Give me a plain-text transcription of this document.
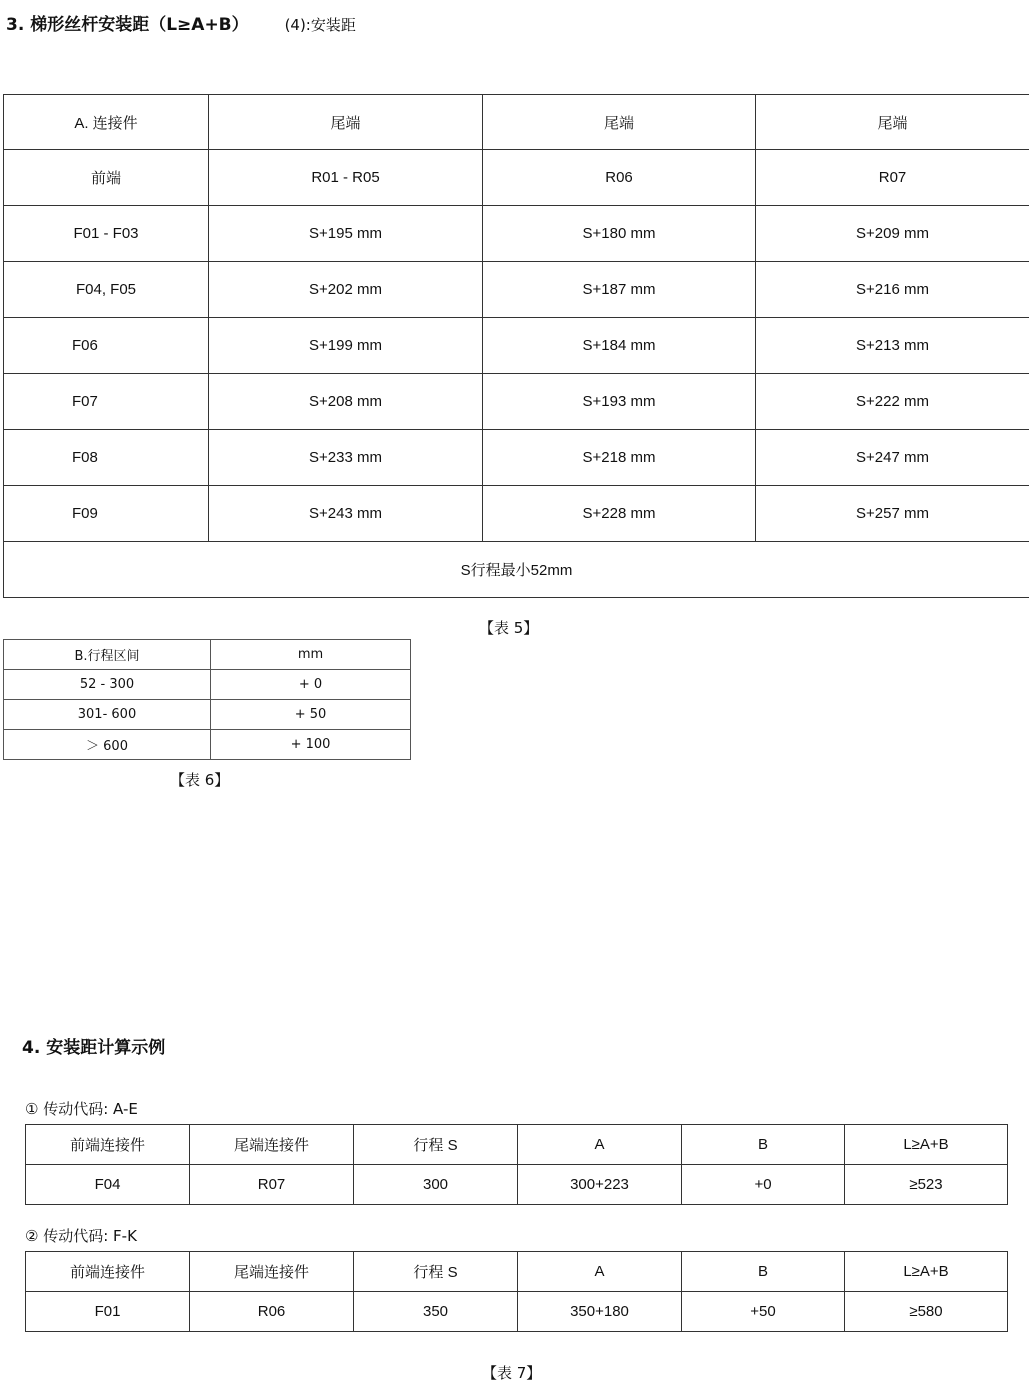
3. 梯形丝杆安装距（L≥A+B） (4):安装距
A. 连接件	尾端	尾端	尾端
前端	R01 - R05	R06	R07
F01 - F03	S+195 mm	S+180 mm	S+209 mm
F04, F05	S+202 mm	S+187 mm	S+216 mm
F06	S+199 mm	S+184 mm	S+213 mm
F07	S+208 mm	S+193 mm	S+222 mm
F08	S+233 mm	S+218 mm	S+247 mm
F09	S+243 mm	S+228 mm	S+257 mm
S行程最小52mm			
【表 5】
B.行程区间	mm
52 - 300	+ 0
301- 600	+ 50
＞ 600	+ 100
【表 6】
4. 安装距计算示例
① 传动代码: A-E
前端连接件	尾端连接件	行程 S	A	B	L≥A+B
F04	R07	300	300+223	+0	≥523
② 传动代码: F-K
前端连接件	尾端连接件	行程 S	A	B	L≥A+B
F01	R06	350	350+180	+50	≥580
【表 7】
